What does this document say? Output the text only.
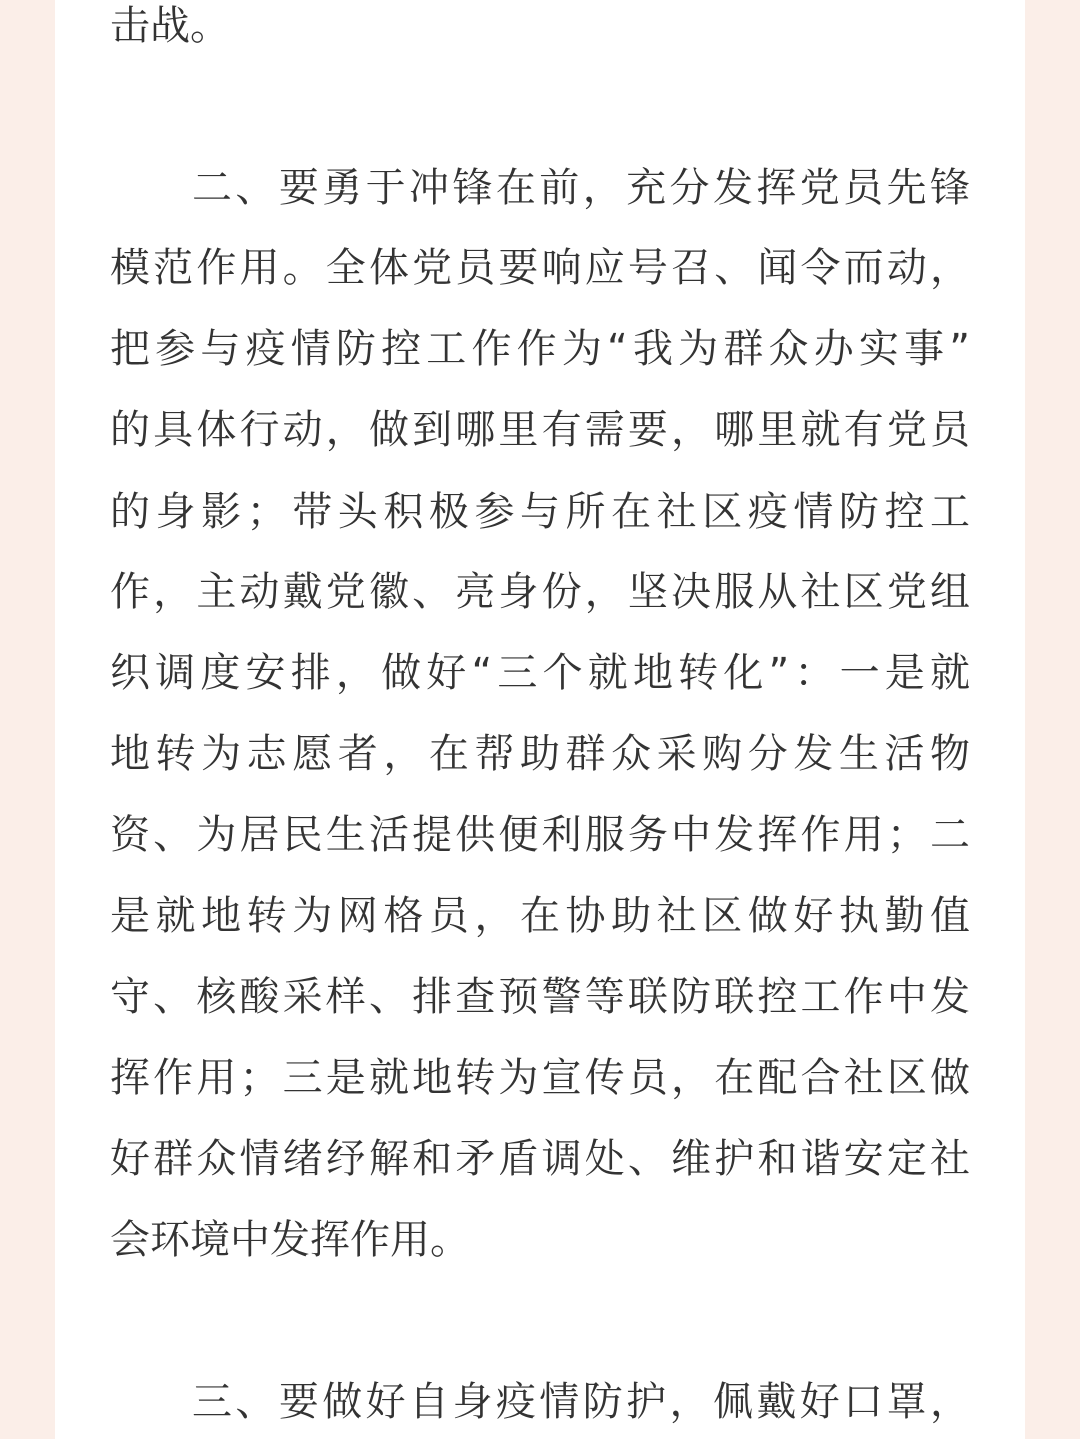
击战。
二、要勇于冲锋在前，充分发挥党员先锋
模范作用。全体党员要响应号召、闻令而动，
把参与疫情防控工作作为“我为群众办实事”
的具体行动，做到哪里有需要，哪里就有党员
的身影；带头积极参与所在社区疫情防控工
作，主动戴党徽、亮身份，坚决服从社区党组
织调度安排，做好“三个就地转化”：一是就
地转为志愿者，在帮助群众采购分发生活物
资、为居民生活提供便利服务中发挥作用；二
是就地转为网格员，在协助社区做好执勤值
守、核酸采样、排查预警等联防联控工作中发
挥作用；三是就地转为宣传员，在配合社区做
好群众情绪纾解和矛盾调处、维护和谐安定社
会环境中发挥作用。
三、要做好自身疫情防护，佩戴好口罩，
